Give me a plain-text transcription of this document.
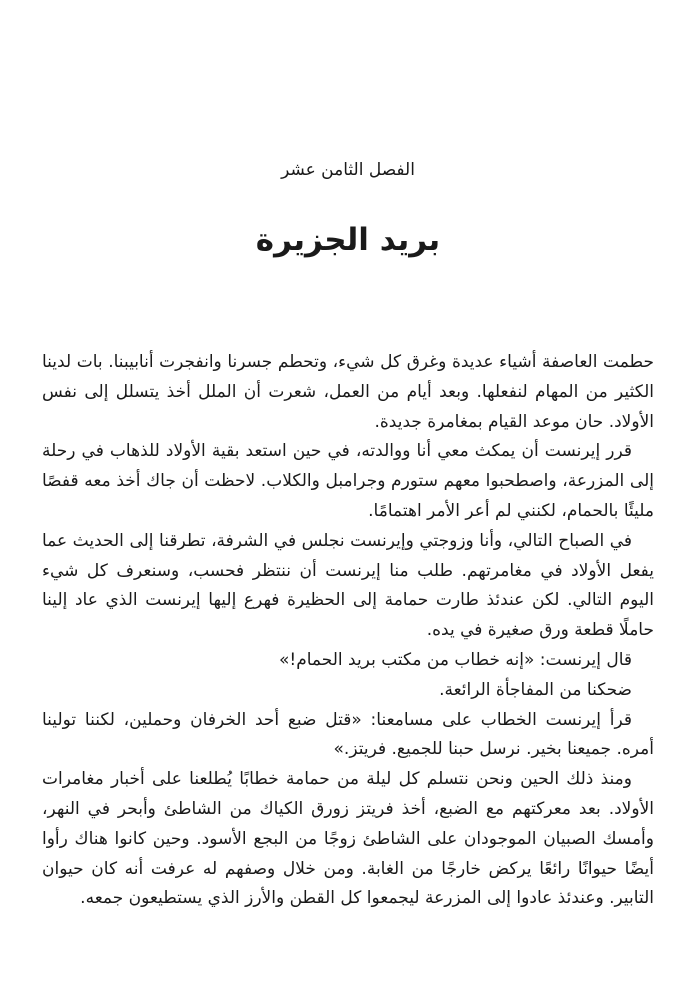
الفصل الثامن عشر
بريد الجزيرة

حطمت العاصفة أشياء عديدة وغرق كل شيء، وتحطم جسرنا وانفجرت أنابيبنا. بات لدينا الكثير من المهام لنفعلها. وبعد أيام من العمل، شعرت أن الملل أخذ يتسلل إلى نفس الأولاد. حان موعد القيام بمغامرة جديدة.

قرر إيرنست أن يمكث معي أنا ووالدته، في حين استعد بقية الأولاد للذهاب في رحلة إلى المزرعة، واصطحبوا معهم ستورم وجرامبل والكلاب. لاحظت أن جاك أخذ معه قفصًا مليئًا بالحمام، لكنني لم أعر الأمر اهتمامًا.

في الصباح التالي، وأنا وزوجتي وإيرنست نجلس في الشرفة، تطرقنا إلى الحديث عما يفعل الأولاد في مغامرتهم. طلب منا إيرنست أن ننتظر فحسب، وسنعرف كل شيء اليوم التالي. لكن عندئذ طارت حمامة إلى الحظيرة فهرع إليها إيرنست الذي عاد إلينا حاملًا قطعة ورق صغيرة في يده.

قال إيرنست: «إنه خطاب من مكتب بريد الحمام!»

ضحكنا من المفاجأة الرائعة.

قرأ إيرنست الخطاب على مسامعنا: «قتل ضبع أحد الخرفان وحملين، لكننا تولينا أمره. جميعنا بخير. نرسل حبنا للجميع. فريتز.»

ومنذ ذلك الحين ونحن نتسلم كل ليلة من حمامة خطابًا يُطلعنا على أخبار مغامرات الأولاد. بعد معركتهم مع الضبع، أخذ فريتز زورق الكياك من الشاطئ وأبحر في النهر، وأمسك الصبيان الموجودان على الشاطئ زوجًا من البجع الأسود. وحين كانوا هناك رأوا أيضًا حيوانًا رائعًا يركض خارجًا من الغابة. ومن خلال وصفهم له عرفت أنه كان حيوان التابير. وعندئذ عادوا إلى المزرعة ليجمعوا كل القطن والأرز الذي يستطيعون جمعه.
